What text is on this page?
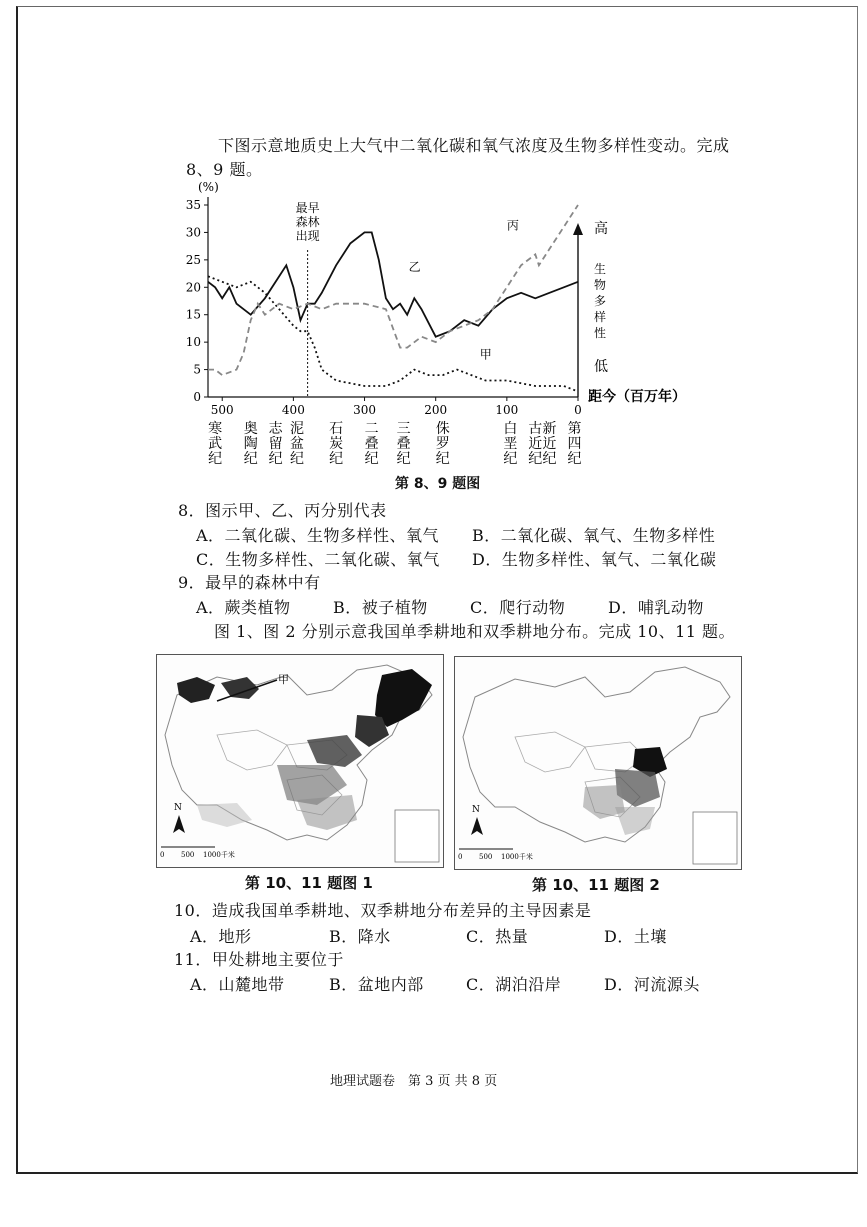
下图示意地质史上大气中二氧化碳和氧气浓度及生物多样性变动。完成
8、9 题。
(%)
0
5
10
15
20
25
30
35
500	400	300	200	100	0
距今（百万年）
最早
森林
出现
甲
乙
丙	高
低
生
物
多
样
性
寒
武
纪
奥
陶
纪
志
留
纪
泥
盆
纪
石
炭
纪
二
叠
纪
三
叠
纪
侏
罗
纪
白
垩
纪
古
近
纪
新
近
纪
第
四
纪
第 8、9 题图
8．图示甲、乙、丙分别代表
A．二氧化碳、生物多样性、氧气 B．二氧化碳、氧气、生物多样性
C．生物多样性、二氧化碳、氧气 D．生物多样性、氧气、二氧化碳
9．最早的森林中有
A．蕨类植物	B．被子植物	C．爬行动物	D．哺乳动物
图 1、图 2 分别示意我国单季耕地和双季耕地分布。完成 10、11 题。
甲
N
0 500 1000千米
第 10、11 题图 1
N
0 500 1000千米
第 10、11 题图 2
10．造成我国单季耕地、双季耕地分布差异的主导因素是
A．地形	B．降水	C．热量	D．土壤
11．甲处耕地主要位于
A．山麓地带	B．盆地内部	C．湖泊沿岸	D．河流源头
地理试题卷　第 3 页 共 8 页
